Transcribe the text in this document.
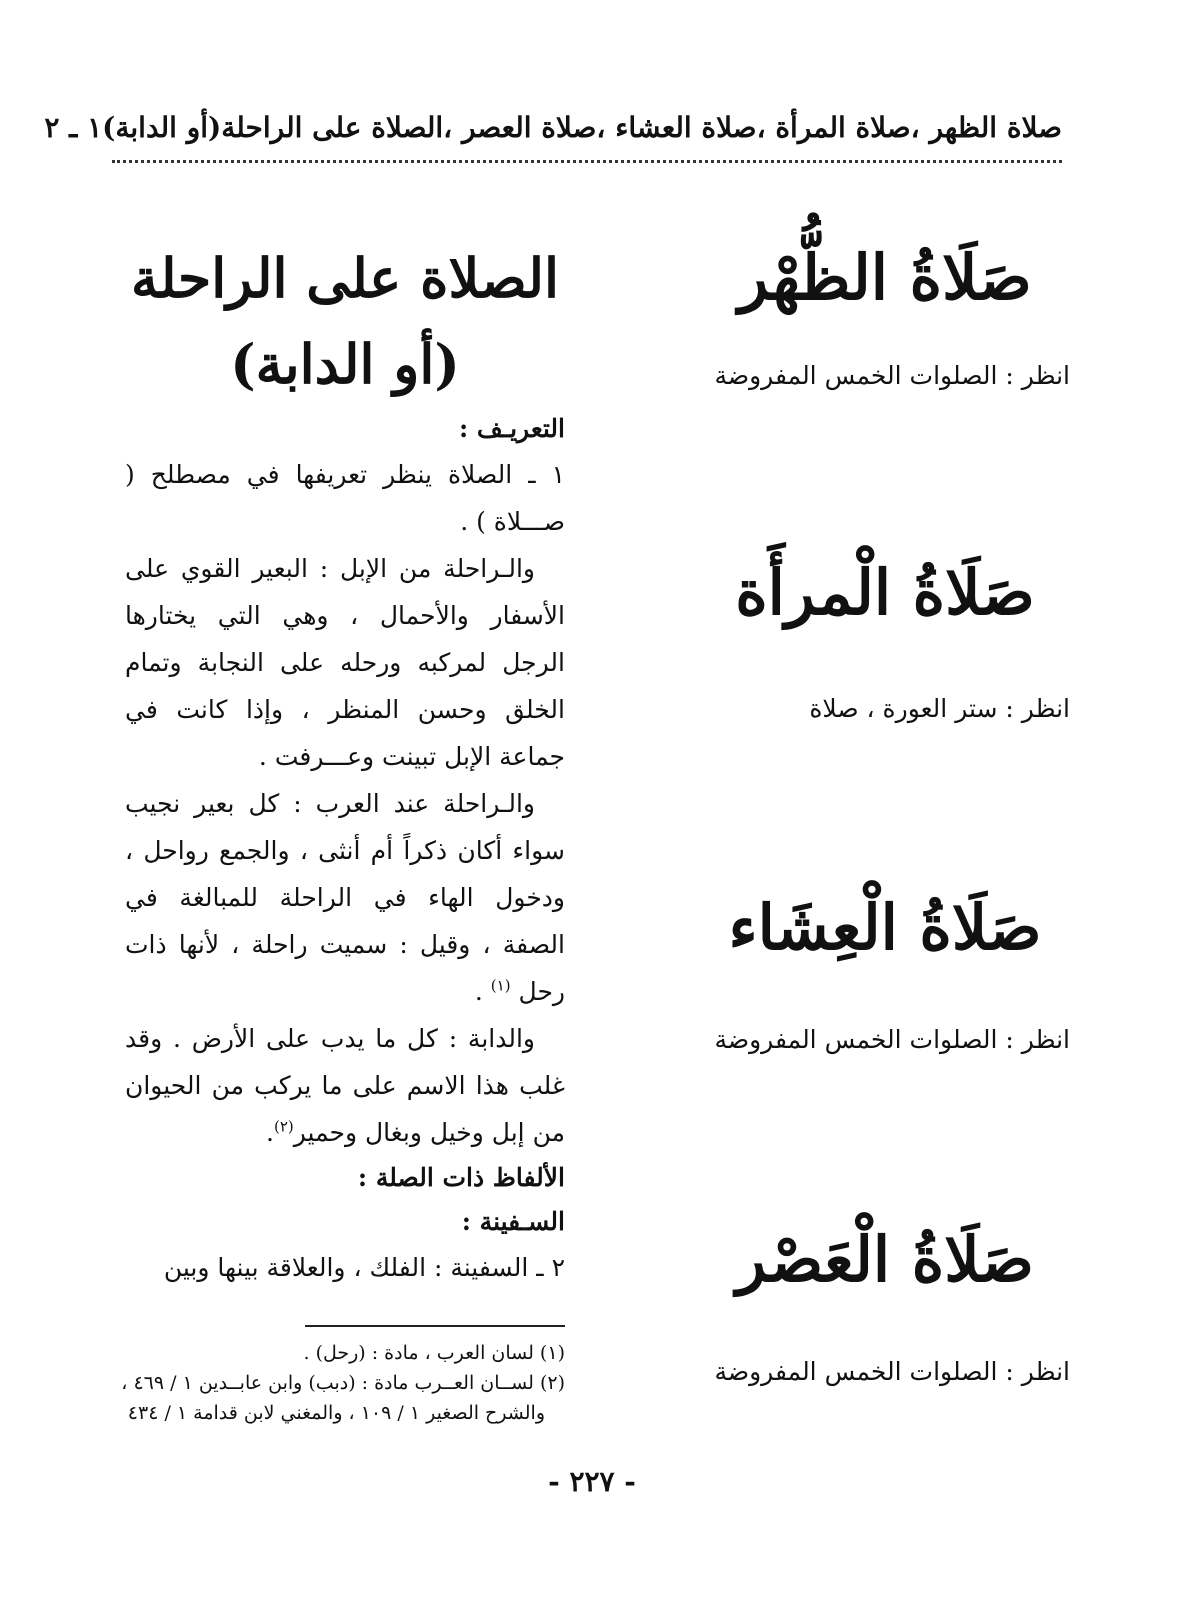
صلاة الظهر ،صلاة المرأة ،صلاة العشاء ،صلاة العصر ،الصلاة على الراحلة(أو الدابة)١ ـ ٢
صَلَاةُ الظُّهْر
انظر : الصلوات الخمس المفروضة
صَلَاةُ الْمرأَة
انظر : ستر العورة ، صلاة
صَلَاةُ الْعِشَاء
انظر : الصلوات الخمس المفروضة
صَلَاةُ الْعَصْر
انظر : الصلوات الخمس المفروضة
الصلاة على الراحلة
(أو الدابة)
التعريـف :

١ ـ الصلاة ينظر تعريفها في مصطلح ( صـــلاة ) .

والـراحلة من الإبل : البعير القوي على الأسفار والأحمال ، وهي التي يختارها الرجل لمركبه ورحله على النجابة وتمام الخلق وحسن المنظر ، وإذا كانت في جماعة الإبل تبينت وعـــرفت .

والـراحلة عند العرب : كل بعير نجيب سواء أكان ذكراً أم أنثى ، والجمع رواحل ، ودخول الهاء في الراحلة للمبالغة في الصفة ، وقيل : سميت راحلة ، لأنها ذات رحل $^{(١)}$ .

والدابة : كل ما يدب على الأرض . وقد غلب هذا الاسم على ما يركب من الحيوان من إبل وخيل وبغال وحمير$^{(٢)}$.

الألفاظ ذات الصلة :
السـفينة :

٢ ـ السفينة : الفلك ، والعلاقة بينها وبين

(١) لسان العرب ، مادة : (رحل) .

(٢) لســان العــرب مادة : (دبب) وابن عابــدين ١ / ٤٦٩ ،

والشرح الصغير ١ / ١٠٩ ، والمغني لابن قدامة ١ / ٤٣٤

- ٢٢٧ -
